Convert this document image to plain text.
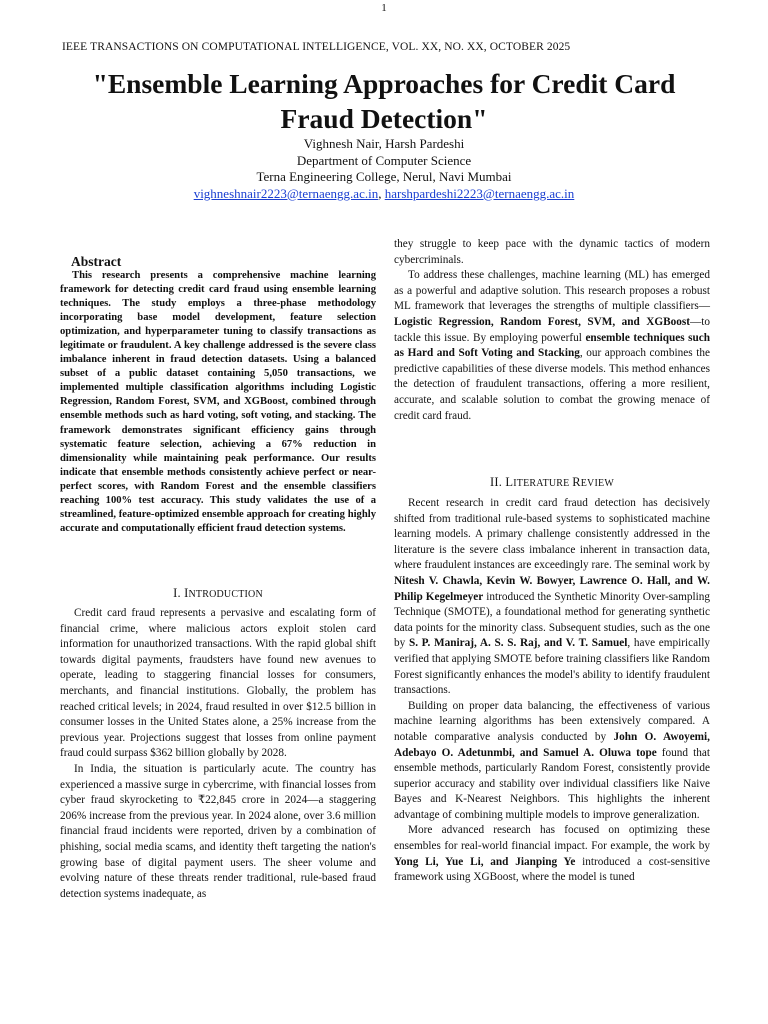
1
IEEE TRANSACTIONS ON COMPUTATIONAL INTELLIGENCE, VOL. XX, NO. XX, OCTOBER 2025
"Ensemble Learning Approaches for Credit Card
Fraud Detection"
Vighnesh Nair, Harsh Pardeshi
Department of Computer Science
Terna Engineering College, Nerul, Navi Mumbai
vighneshnair2223@ternaengg.ac.in, harshpardeshi2223@ternaengg.ac.in
Abstract
This research presents a comprehensive machine learning framework for detecting credit card fraud using ensemble learning techniques. The study employs a three-phase methodology incorporating base model development, feature selection optimization, and hyperparameter tuning to classify transactions as legitimate or fraudulent. A key challenge addressed is the severe class imbalance inherent in fraud detection datasets. Using a balanced subset of a public dataset containing 5,050 transactions, we implemented multiple classification algorithms including Logistic Regression, Random Forest, SVM, and XGBoost, combined through ensemble methods such as hard voting, soft voting, and stacking. The framework demonstrates significant efficiency gains through systematic feature selection, achieving a 67% reduction in dimensionality while maintaining peak performance. Our results indicate that ensemble methods consistently achieve perfect or near-perfect scores, with Random Forest and the ensemble classifiers reaching 100% test accuracy. This study validates the use of a streamlined, feature-optimized ensemble approach for creating highly accurate and computationally efficient fraud detection systems.
I. INTRODUCTION

Credit card fraud represents a pervasive and escalating form of financial crime, where malicious actors exploit stolen card information for unauthorized transactions. With the rapid global shift towards digital payments, fraudsters have found new avenues to operate, leading to staggering financial losses for consumers, merchants, and financial institutions. Globally, the problem has reached critical levels; in 2024, fraud resulted in over $12.5 billion in consumer losses in the United States alone, a 25% increase from the previous year. Projections suggest that losses from online payment fraud could surpass $362 billion globally by 2028.

In India, the situation is particularly acute. The country has experienced a massive surge in cybercrime, with financial losses from cyber fraud skyrocketing to ₹22,845 crore in 2024—a staggering 206% increase from the previous year. In 2024 alone, over 3.6 million financial fraud incidents were reported, driven by a combination of phishing, social media scams, and identity theft targeting the nation's growing base of digital payment users. The sheer volume and evolving nature of these threats render traditional, rule-based fraud detection systems inadequate, as

they struggle to keep pace with the dynamic tactics of modern cybercriminals.

To address these challenges, machine learning (ML) has emerged as a powerful and adaptive solution. This research proposes a robust ML framework that leverages the strengths of multiple classifiers—Logistic Regression, Random Forest, SVM, and XGBoost—to tackle this issue. By employing powerful ensemble techniques such as Hard and Soft Voting and Stacking, our approach combines the predictive capabilities of these diverse models. This method enhances the detection of fraudulent transactions, offering a more resilient, accurate, and scalable solution to combat the growing menace of credit card fraud.

II. LITERATURE REVIEW

Recent research in credit card fraud detection has decisively shifted from traditional rule-based systems to sophisticated machine learning models. A primary challenge consistently addressed in the literature is the severe class imbalance inherent in transaction data, where fraudulent instances are exceedingly rare. The seminal work by Nitesh V. Chawla, Kevin W. Bowyer, Lawrence O. Hall, and W. Philip Kegelmeyer introduced the Synthetic Minority Over-sampling Technique (SMOTE), a foundational method for generating synthetic data points for the minority class. Subsequent studies, such as the one by S. P. Maniraj, A. S. S. Raj, and V. T. Samuel, have empirically verified that applying SMOTE before training classifiers like Random Forest significantly enhances the model's ability to identify fraudulent transactions.

Building on proper data balancing, the effectiveness of various machine learning algorithms has been extensively compared. A notable comparative analysis conducted by John O. Awoyemi, Adebayo O. Adetunmbi, and Samuel A. Oluwa tope found that ensemble methods, particularly Random Forest, consistently provide superior accuracy and stability over individual classifiers like Naive Bayes and K-Nearest Neighbors. This highlights the inherent advantage of combining multiple models to improve generalization.

More advanced research has focused on optimizing these ensembles for real-world financial impact. For example, the work by Yong Li, Yue Li, and Jianping Ye introduced a cost-sensitive framework using XGBoost, where the model is tuned
